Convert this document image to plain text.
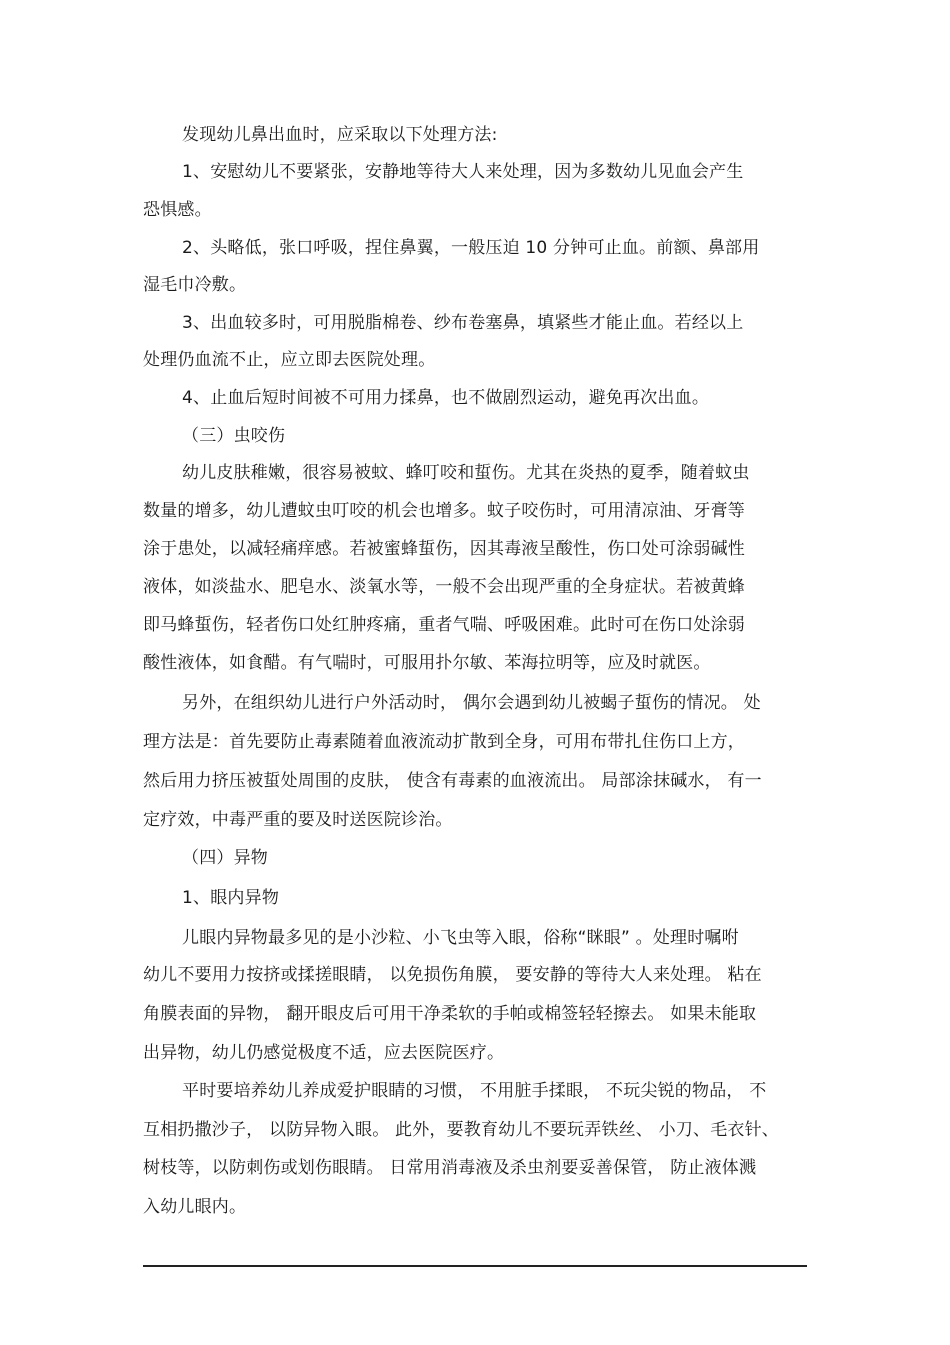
发现幼儿鼻出血时，应采取以下处理方法:

1、安慰幼儿不要紧张，安静地等待大人来处理，因为多数幼儿见血会产生

恐惧感。

2、头略低，张口呼吸，捏住鼻翼，一般压迫 10 分钟可止血。前额、鼻部用

湿毛巾冷敷。

3、出血较多时，可用脱脂棉卷、纱布卷塞鼻，填紧些才能止血。若经以上

处理仍血流不止，应立即去医院处理。

4、止血后短时间被不可用力揉鼻，也不做剧烈运动，避免再次出血。

（三）虫咬伤

幼儿皮肤稚嫩，很容易被蚊、蜂叮咬和蜇伤。尤其在炎热的夏季，随着蚊虫

数量的增多，幼儿遭蚊虫叮咬的机会也增多。蚊子咬伤时，可用清凉油、牙膏等

涂于患处，以减轻痛痒感。若被蜜蜂蜇伤，因其毒液呈酸性，伤口处可涂弱碱性

液体，如淡盐水、肥皂水、淡氧水等，一般不会出现严重的全身症状。若被黄蜂

即马蜂蜇伤，轻者伤口处红肿疼痛，重者气喘、呼吸困难。此时可在伤口处涂弱

酸性液体，如食醋。有气喘时，可服用扑尔敏、苯海拉明等，应及时就医。

另外，在组织幼儿进行户外活动时， 偶尔会遇到幼儿被蝎子蜇伤的情况。 处

理方法是：首先要防止毒素随着血液流动扩散到全身，可用布带扎住伤口上方，

然后用力挤压被蜇处周围的皮肤， 使含有毒素的血液流出。 局部涂抹碱水， 有一

定疗效，中毒严重的要及时送医院诊治。

（四）异物

1、眼内异物

儿眼内异物最多见的是小沙粒、小飞虫等入眼，俗称“眯眼” 。处理时嘱咐

幼儿不要用力按挤或揉搓眼睛， 以免损伤角膜， 要安静的等待大人来处理。 粘在

角膜表面的异物， 翻开眼皮后可用干净柔软的手帕或棉签轻轻擦去。 如果未能取

出异物，幼儿仍感觉极度不适，应去医院医疗。

平时要培养幼儿养成爱护眼睛的习惯， 不用脏手揉眼， 不玩尖锐的物品， 不

互相扔撒沙子， 以防异物入眼。 此外，要教育幼儿不要玩弄铁丝、 小刀、毛衣针、

树枝等，以防刺伤或划伤眼睛。 日常用消毒液及杀虫剂要妥善保管， 防止液体溅

入幼儿眼内。
